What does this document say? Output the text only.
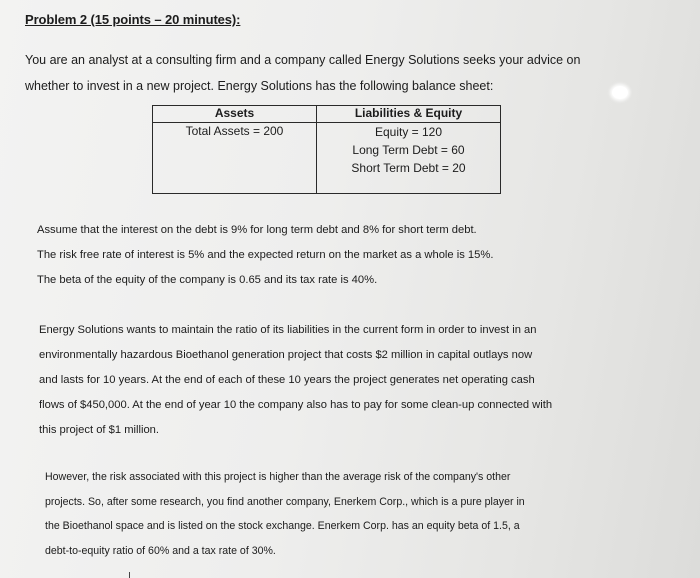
Problem 2 (15 points – 20 minutes):

You are an analyst at a consulting firm and a company called Energy Solutions seeks your advice on

whether to invest in a new project. Energy Solutions has the following balance sheet:

Assets	Liabilities & Equity
Total Assets = 200	Equity = 120
Long Term Debt = 60
Short Term Debt = 20
Assume that the interest on the debt is 9% for long term debt and 8% for short term debt.
The risk free rate of interest is 5% and the expected return on the market as a whole is 15%.
The beta of the equity of the company is 0.65 and its tax rate is 40%.
Energy Solutions wants to maintain the ratio of its liabilities in the current form in order to invest in an
environmentally hazardous Bioethanol generation project that costs $2 million in capital outlays now
and lasts for 10 years. At the end of each of these 10 years the project generates net operating cash
flows of $450,000. At the end of year 10 the company also has to pay for some clean-up connected with
this project of $1 million.
However, the risk associated with this project is higher than the average risk of the company's other
projects. So, after some research, you find another company, Enerkem Corp., which is a pure player in
the Bioethanol space and is listed on the stock exchange. Enerkem Corp. has an equity beta of 1.5, a
debt-to-equity ratio of 60% and a tax rate of 30%.
